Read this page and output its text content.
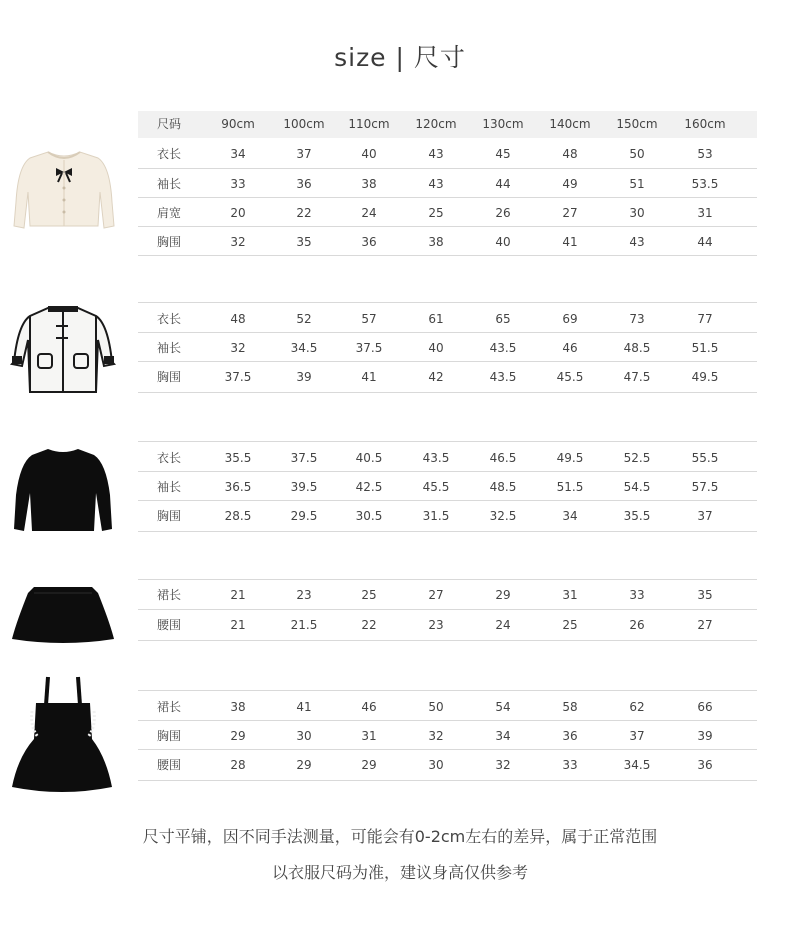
size | 尺寸
尺码	90cm	100cm	110cm	120cm	130cm	140cm	150cm	160cm
尺寸平铺，因不同手法测量，可能会有0-2cm左右的差异，属于正常范围
以衣服尺码为准，建议身高仅供参考
衣长	34	37	40	43	45	48	50	53
袖长	33	36	38	43	44	49	51	53.5
肩宽	20	22	24	25	26	27	30	31
胸围	32	35	36	38	40	41	43	44
衣长	48	52	57	61	65	69	73	77
袖长	32	34.5	37.5	40	43.5	46	48.5	51.5
胸围	37.5	39	41	42	43.5	45.5	47.5	49.5
衣长	35.5	37.5	40.5	43.5	46.5	49.5	52.5	55.5
袖长	36.5	39.5	42.5	45.5	48.5	51.5	54.5	57.5
胸围	28.5	29.5	30.5	31.5	32.5	34	35.5	37
裙长	21	23	25	27	29	31	33	35
腰围	21	21.5	22	23	24	25	26	27
裙长	38	41	46	50	54	58	62	66
胸围	29	30	31	32	34	36	37	39
腰围	28	29	29	30	32	33	34.5	36
